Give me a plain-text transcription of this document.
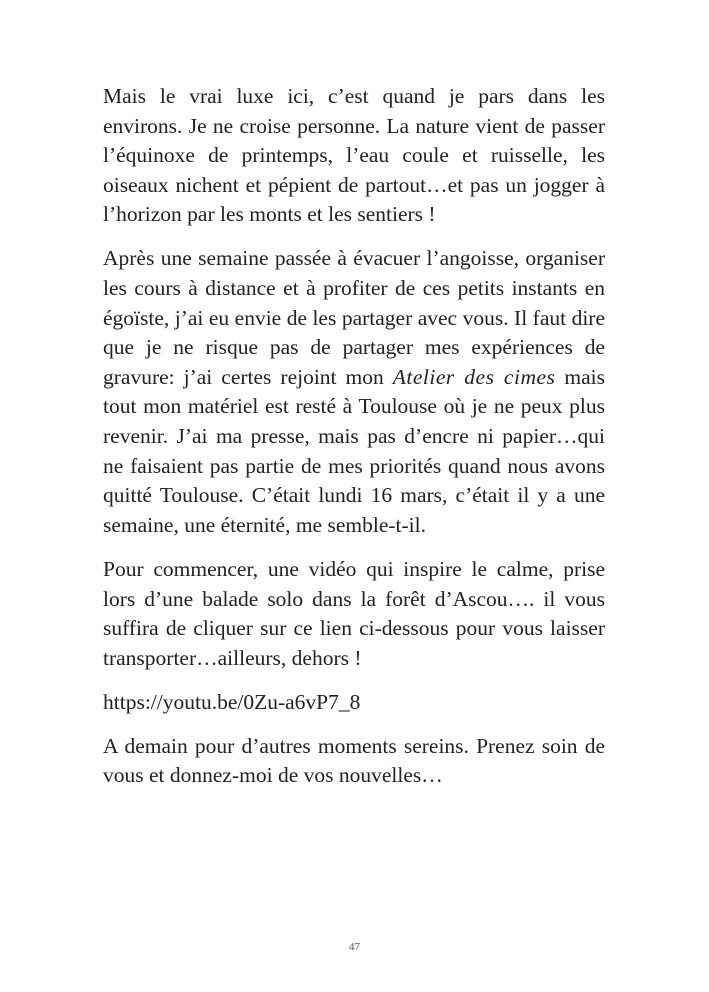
Mais le vrai luxe ici, c’est quand je pars dans les environs. Je ne croise personne. La nature vient de passer l’équinoxe de printemps, l’eau coule et ruisselle, les oiseaux nichent et pépient de partout…et pas un jogger à l’horizon par les monts et les sentiers !

Après une semaine passée à évacuer l’angoisse, organiser les cours à distance et à profiter de ces petits instants en égoïste, j’ai eu envie de les partager avec vous. Il faut dire que je ne risque pas de partager mes expériences de gravure: j’ai certes rejoint mon Atelier des cimes mais tout mon matériel est resté à Toulouse où je ne peux plus revenir. J’ai ma presse, mais pas d’encre ni papier…qui ne faisaient pas partie de mes priorités quand nous avons quitté Toulouse. C’était lundi 16 mars, c’était il y a une semaine, une éternité, me semble-t-il.

Pour commencer, une vidéo qui inspire le calme, prise lors d’une balade solo dans la forêt d’Ascou…. il vous suffira de cliquer sur ce lien ci-dessous pour vous laisser transporter…ailleurs, dehors !

https://youtu.be/0Zu-a6vP7_8

A demain pour d’autres moments sereins. Prenez soin de vous et donnez-moi de vos nouvelles…

47
